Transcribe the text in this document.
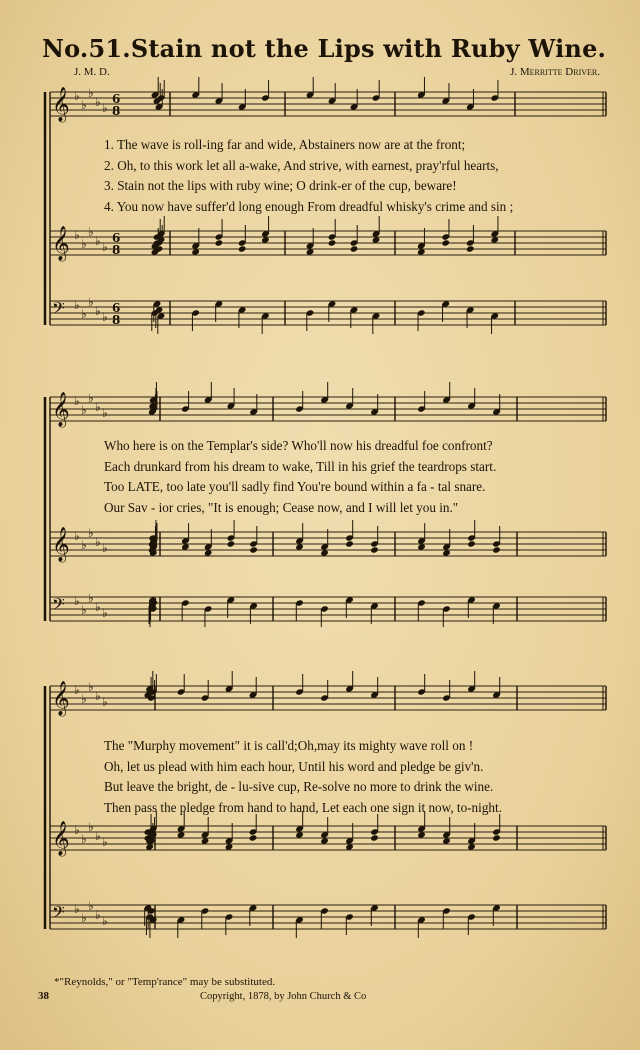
No.51.Stain not the Lips with Ruby Wine.
J. M. D.	J. Merritte Driver.
𝄞 ♭
♭
♭
♭ ♭
6
8
𝄞 ♭
♭
♭
♭ ♭
6
8
𝄢 ♭
♭
♭
♭ ♭
6
8
𝄞 ♭
♭
♭
♭ ♭
𝄞 ♭
♭
♭
♭ ♭
𝄢 ♭
♭
♭
♭ ♭
𝄞 ♭
♭
♭
♭ ♭
𝄞 ♭
♭
♭
♭ ♭
𝄢 ♭
♭
♭
♭ ♭
1. The wave is roll-ing far and wide, Abstainers now are at the front;
2. Oh, to this work let all a-wake, And strive, with earnest, pray'rful hearts,
3. Stain not the lips with ruby wine; O drink-er of the cup, beware!
4. You now have suffer'd long enough From dreadful whisky's crime and sin ;
Who here is on the Templar's side? Who'll now his dreadful foe confront?
Each drunkard from his dream to wake, Till in his grief the teardrops start.
Too LATE, too late you'll sadly find You're bound within a fa - tal snare.
Our Sav - ior cries, "It is enough; Cease now, and I will let you in."
The "Murphy movement" it is call'd;Oh,may its mighty wave roll on !
Oh, let us plead with him each hour, Until his word and pledge be giv'n.
But leave the bright, de - lu-sive cup, Re-solve no more to drink the wine.
Then pass the pledge from hand to hand, Let each one sign it now, to-night.
*"Reynolds," or "Temp'rance" may be substituted.
38	Copyright, 1878, by John Church & Co
